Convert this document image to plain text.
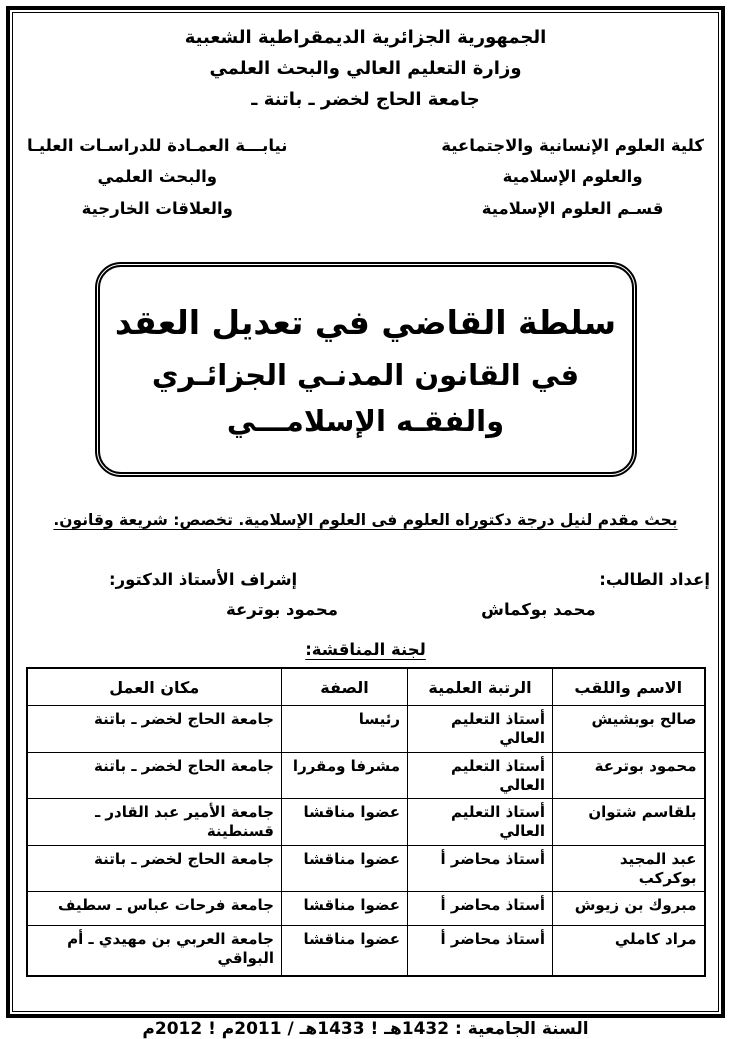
الجمهورية الجزائرية الديمقراطية الشعبية
وزارة التعليم العالي والبحث العلمي
جامعة الحاج لخضر ـ باتنة ـ
كلية العلوم الإنسانية والاجتماعية
والعلوم الإسلامية
قسـم العلوم الإسلامية
نيابـــة العمـادة للدراسـات العليـا
والبحث العلمي
والعلاقات الخارجية
سلطة القاضي في تعديل العقد
في القانون المدنـي الجزائـري
والفقـه الإسلامـــي
بحث مقدم لنيل درجة دكتوراه العلوم فى العلوم الإسلامية. تخصص: شريعة وقانون.
إعداد الطالب:
محمد بوكماش
إشراف الأستاذ الدكتور:
محمود بوترعة
لجنة المناقشة:
الاسم واللقب	الرتبة العلمية	الصفة	مكان العمل
صالح بوبشيش	أستاذ التعليم العالي	رئيسا	جامعة الحاج لخضر ـ باتنة
محمود بوترعة	أستاذ التعليم العالي	مشرفا ومقررا	جامعة الحاج لخضر ـ باتنة
بلقاسم شتوان	أستاذ التعليم العالي	عضوا مناقشا	جامعة الأمير عبد القادر ـ قسنطينة
عبد المجيد بوكركب	أستاذ محاضر أ	عضوا مناقشا	جامعة الحاج لخضر ـ باتنة
مبروك بن زيوش	أستاذ محاضر أ	عضوا مناقشا	جامعة فرحات عباس ـ سطيف
مراد كاملي	أستاذ محاضر أ	عضوا مناقشا	جامعة العربي بن مهيدي ـ أم البواقي
السنة الجامعية : 1432هـ ! 1433هـ / 2011م ! 2012م
